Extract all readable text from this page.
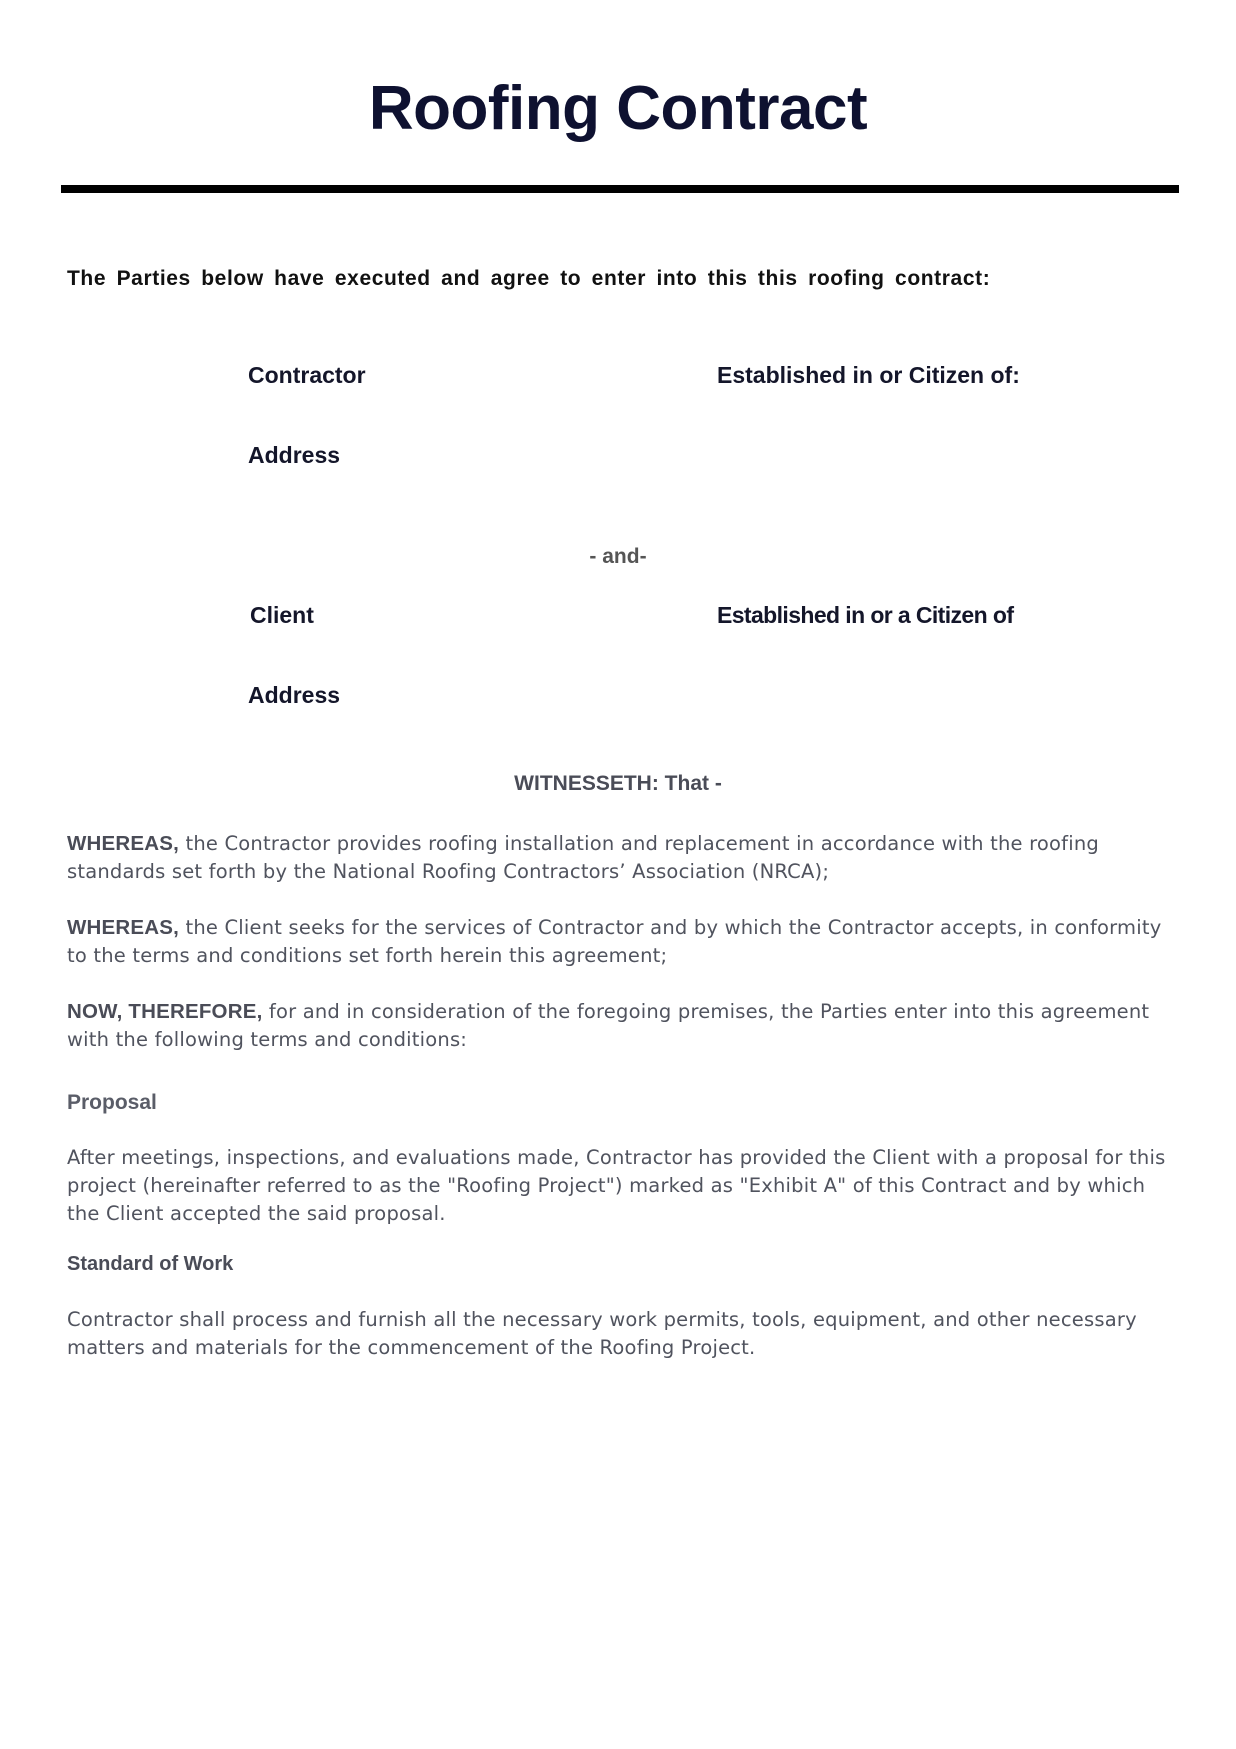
Roofing Contract
The Parties below have executed and agree to enter into this this roofing contract:
Contractor	Established in or Citizen of:
Address
- and-
Client	Established in or a Citizen of
Address
WITNESSETH: That -

WHEREAS, the Contractor provides roofing installation and replacement in accordance with the roofing standards set forth by the National Roofing Contractors’ Association (NRCA);

WHEREAS, the Client seeks for the services of Contractor and by which the Contractor accepts, in conformity to the terms and conditions set forth herein this agreement;

NOW, THEREFORE, for and in consideration of the foregoing premises, the Parties enter into this agreement with the following terms and conditions:

Proposal

After meetings, inspections, and evaluations made, Contractor has provided the Client with a proposal for this project (hereinafter referred to as the "Roofing Project") marked as "Exhibit A" of this Contract and by which the Client accepted the said proposal.

Standard of Work

Contractor shall process and furnish all the necessary work permits, tools, equipment, and other necessary matters and materials for the commencement of the Roofing Project.
